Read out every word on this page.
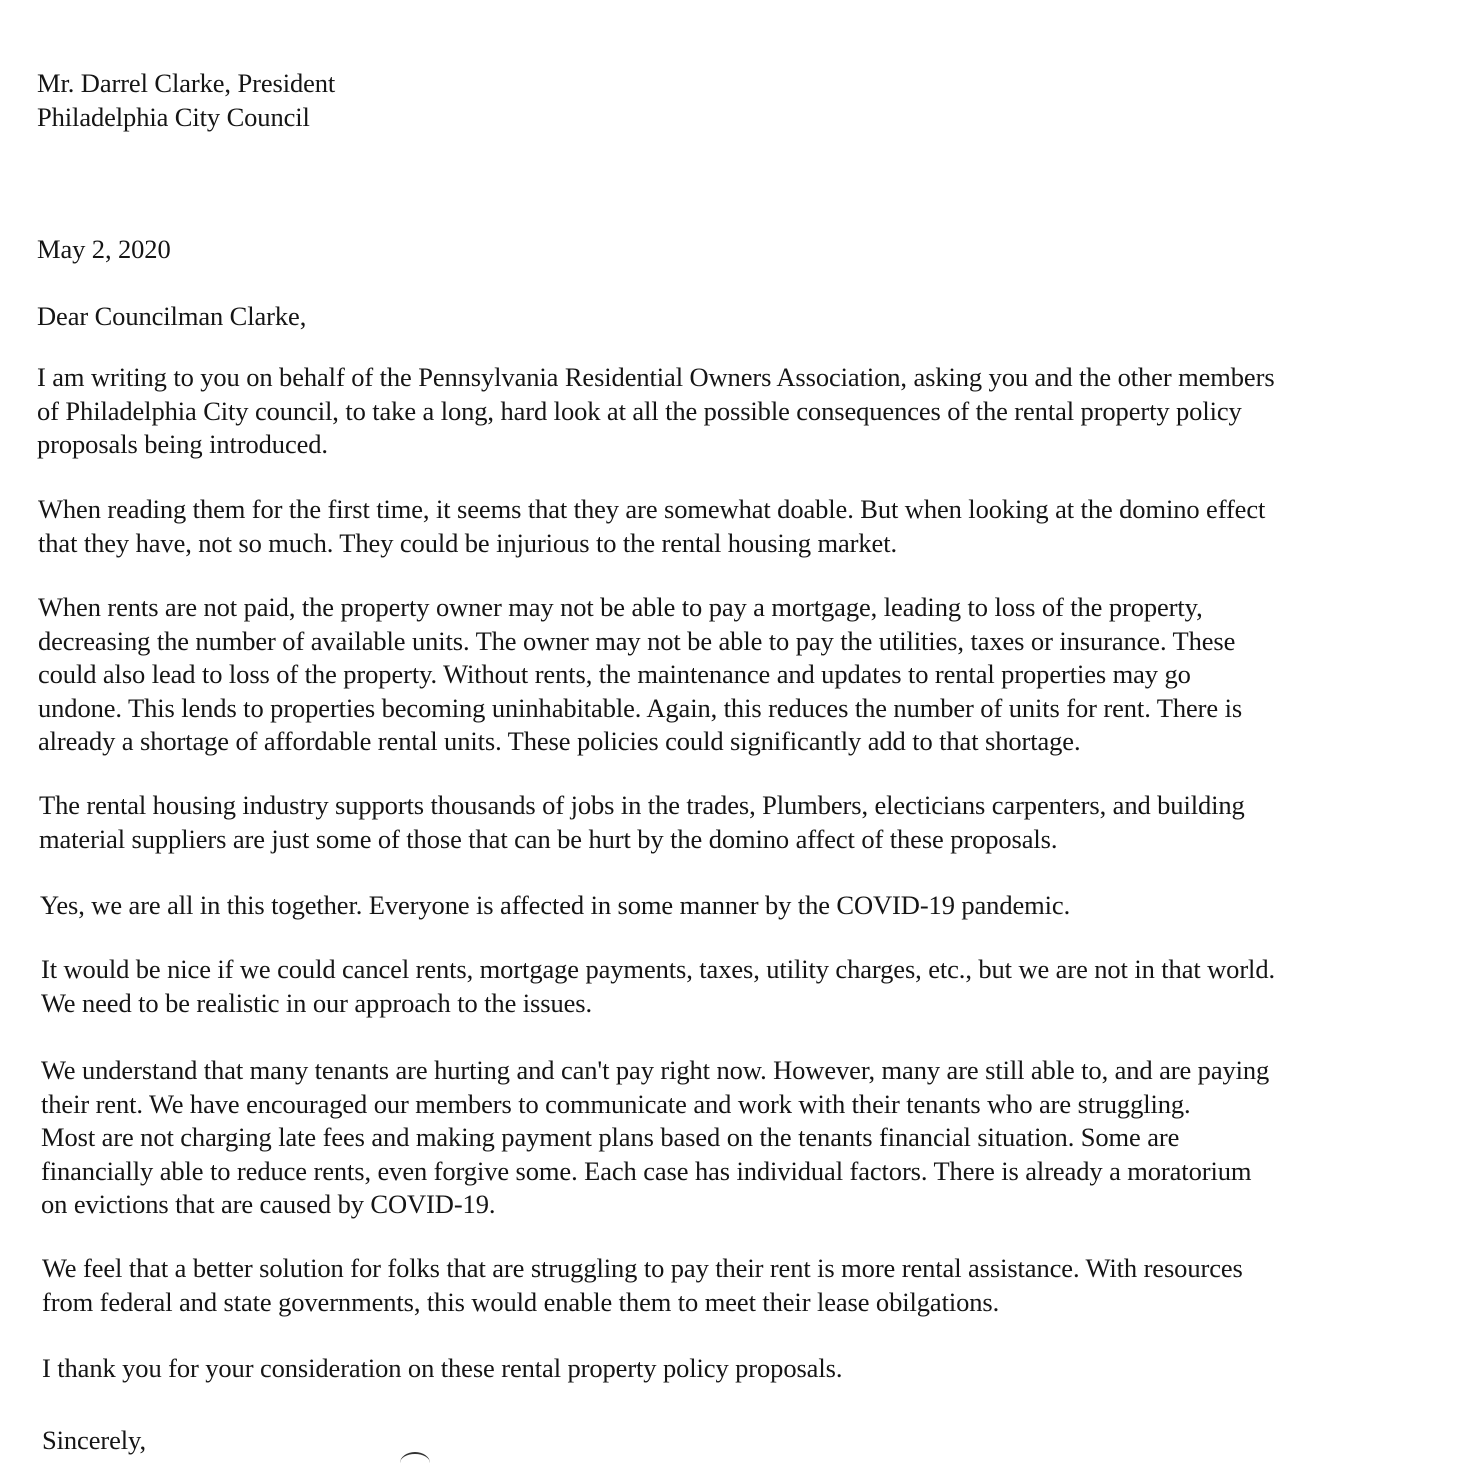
Mr. Darrel Clarke, President
Philadelphia City Council
May 2, 2020
Dear Councilman Clarke,
I am writing to you on behalf of the Pennsylvania Residential Owners Association, asking you and the other members
of Philadelphia City council, to take a long, hard look at all the possible consequences of the rental property policy
proposals being introduced.
When reading them for the first time, it seems that they are somewhat doable. But when looking at the domino effect
that they have, not so much. They could be injurious to the rental housing market.
When rents are not paid, the property owner may not be able to pay a mortgage, leading to loss of the property,
decreasing the number of available units. The owner may not be able to pay the utilities, taxes or insurance. These
could also lead to loss of the property. Without rents, the maintenance and updates to rental properties may go
undone. This lends to properties becoming uninhabitable. Again, this reduces the number of units for rent. There is
already a shortage of affordable rental units. These policies could significantly add to that shortage.
The rental housing industry supports thousands of jobs in the trades, Plumbers, electicians carpenters, and building
material suppliers are just some of those that can be hurt by the domino affect of these proposals.
Yes, we are all in this together. Everyone is affected in some manner by the COVID-19 pandemic.
It would be nice if we could cancel rents, mortgage payments, taxes, utility charges, etc., but we are not in that world.
We need to be realistic in our approach to the issues.
We understand that many tenants are hurting and can't pay right now. However, many are still able to, and are paying
their rent. We have encouraged our members to communicate and work with their tenants who are struggling.
Most are not charging late fees and making payment plans based on the tenants financial situation. Some are
financially able to reduce rents, even forgive some. Each case has individual factors. There is already a moratorium
on evictions that are caused by COVID-19.
We feel that a better solution for folks that are struggling to pay their rent is more rental assistance. With resources
from federal and state governments, this would enable them to meet their lease obilgations.
I thank you for your consideration on these rental property policy proposals.
Sincerely,
